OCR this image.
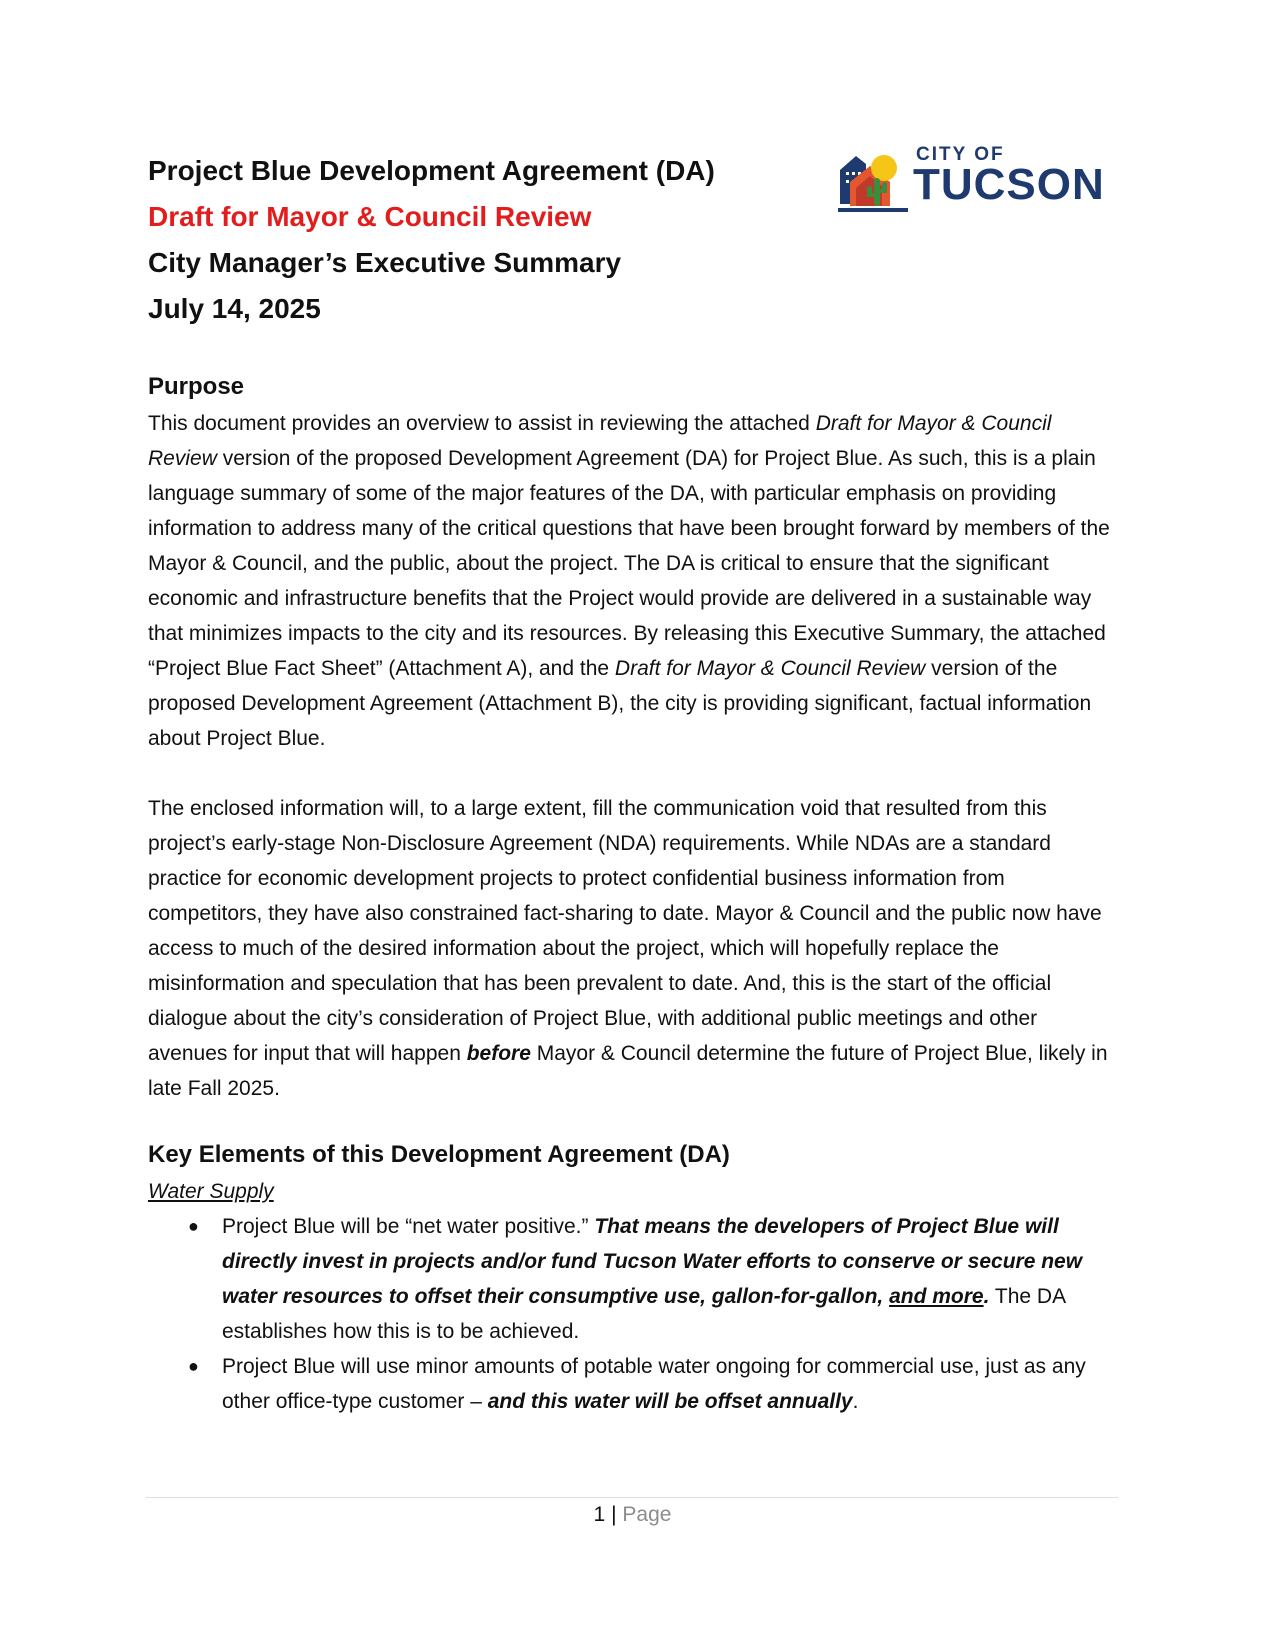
Project Blue Development Agreement (DA)

Draft for Mayor & Council Review

City Manager’s Executive Summary

July 14, 2025

CITY OF
TUCSON
Purpose

This document provides an overview to assist in reviewing the attached Draft for Mayor & Council Review version of the proposed Development Agreement (DA) for Project Blue. As such, this is a plain language summary of some of the major features of the DA, with particular emphasis on providing information to address many of the critical questions that have been brought forward by members of the Mayor & Council, and the public, about the project. The DA is critical to ensure that the significant economic and infrastructure benefits that the Project would provide are delivered in a sustainable way that minimizes impacts to the city and its resources. By releasing this Executive Summary, the attached “Project Blue Fact Sheet” (Attachment A), and the Draft for Mayor & Council Review version of the proposed Development Agreement (Attachment B), the city is providing significant, factual information about Project Blue.

The enclosed information will, to a large extent, fill the communication void that resulted from this project’s early-stage Non-Disclosure Agreement (NDA) requirements. While NDAs are a standard practice for economic development projects to protect confidential business information from competitors, they have also constrained fact-sharing to date. Mayor & Council and the public now have access to much of the desired information about the project, which will hopefully replace the misinformation and speculation that has been prevalent to date. And, this is the start of the official dialogue about the city’s consideration of Project Blue, with additional public meetings and other avenues for input that will happen before Mayor & Council determine the future of Project Blue, likely in late Fall 2025.

Key Elements of this Development Agreement (DA)
Water Supply
● Project Blue will be “net water positive.” That means the developers of Project Blue will directly invest in projects and/or fund Tucson Water efforts to conserve or secure new water resources to offset their consumptive use, gallon-for-gallon, and more. The DA establishes how this is to be achieved.
● Project Blue will use minor amounts of potable water ongoing for commercial use, just as any other office-type customer – and this water will be offset annually.
1 | Page
